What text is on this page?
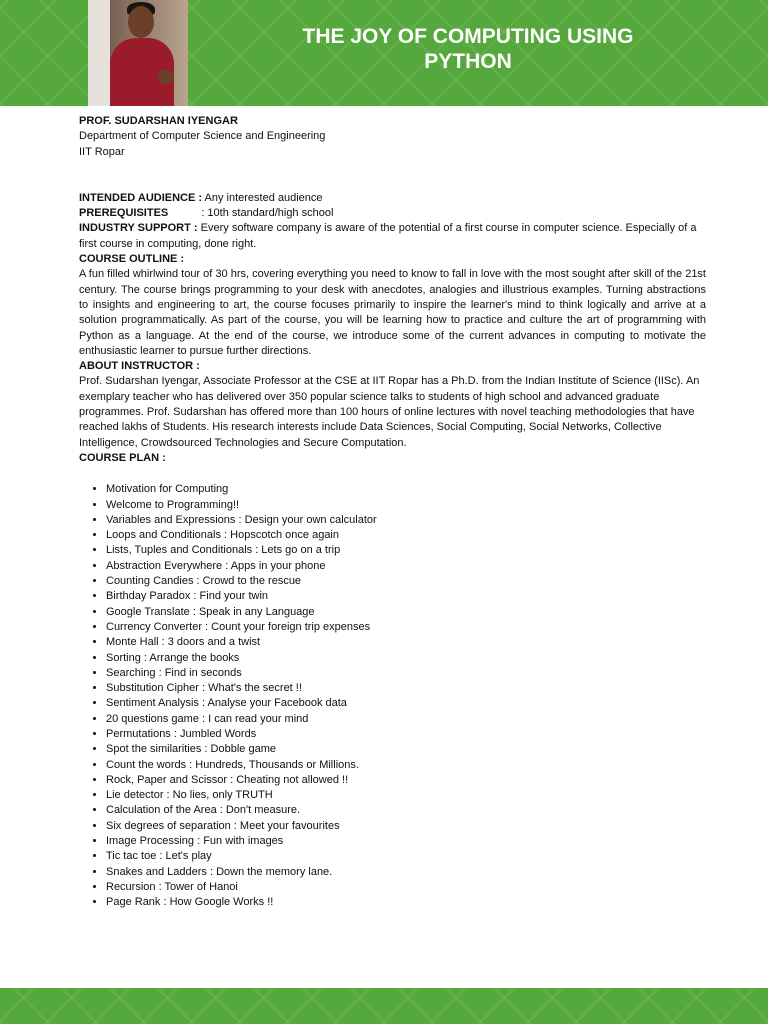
THE JOY OF COMPUTING USING
PYTHON

PROF. SUDARSHAN IYENGAR

Department of Computer Science and Engineering

IIT Ropar

INTENDED AUDIENCE : Any interested audience

PREREQUISITES	: 10th standard/high school

INDUSTRY SUPPORT : Every software company is aware of the potential of a first course in computer science. Especially of a first course in computing, done right.

COURSE OUTLINE :

A fun filled whirlwind tour of 30 hrs, covering everything you need to know to fall in love with the most sought after skill of the 21st century. The course brings programming to your desk with anecdotes, analogies and illustrious examples. Turning abstractions to insights and engineering to art, the course focuses primarily to inspire the learner's mind to think logically and arrive at a solution programmatically. As part of the course, you will be learning how to practice and culture the art of programming with Python as a language. At the end of the course, we introduce some of the current advances in computing to motivate the enthusiastic learner to pursue further directions.

ABOUT INSTRUCTOR :

Prof. Sudarshan Iyengar, Associate Professor at the CSE at IIT Ropar has a Ph.D. from the Indian Institute of Science (IISc). An exemplary teacher who has delivered over 350 popular science talks to students of high school and advanced graduate programmes. Prof. Sudarshan has offered more than 100 hours of online lectures with novel teaching methodologies that have reached lakhs of Students. His research interests include Data Sciences, Social Computing, Social Networks, Collective Intelligence, Crowdsourced Technologies and Secure Computation.

COURSE PLAN :

• Motivation for Computing
• Welcome to Programming!!
• Variables and Expressions : Design your own calculator
• Loops and Conditionals : Hopscotch once again
• Lists, Tuples and Conditionals : Lets go on a trip
• Abstraction Everywhere : Apps in your phone
• Counting Candies : Crowd to the rescue
• Birthday Paradox : Find your twin
• Google Translate : Speak in any Language
• Currency Converter : Count your foreign trip expenses
• Monte Hall : 3 doors and a twist
• Sorting : Arrange the books
• Searching : Find in seconds
• Substitution Cipher : What's the secret !!
• Sentiment Analysis : Analyse your Facebook data
• 20 questions game : I can read your mind
• Permutations : Jumbled Words
• Spot the similarities : Dobble game
• Count the words : Hundreds, Thousands or Millions.
• Rock, Paper and Scissor : Cheating not allowed !!
• Lie detector : No lies, only TRUTH
• Calculation of the Area : Don't measure.
• Six degrees of separation : Meet your favourites
• Image Processing : Fun with images
• Tic tac toe : Let's play
• Snakes and Ladders : Down the memory lane.
• Recursion : Tower of Hanoi
• Page Rank : How Google Works !!
